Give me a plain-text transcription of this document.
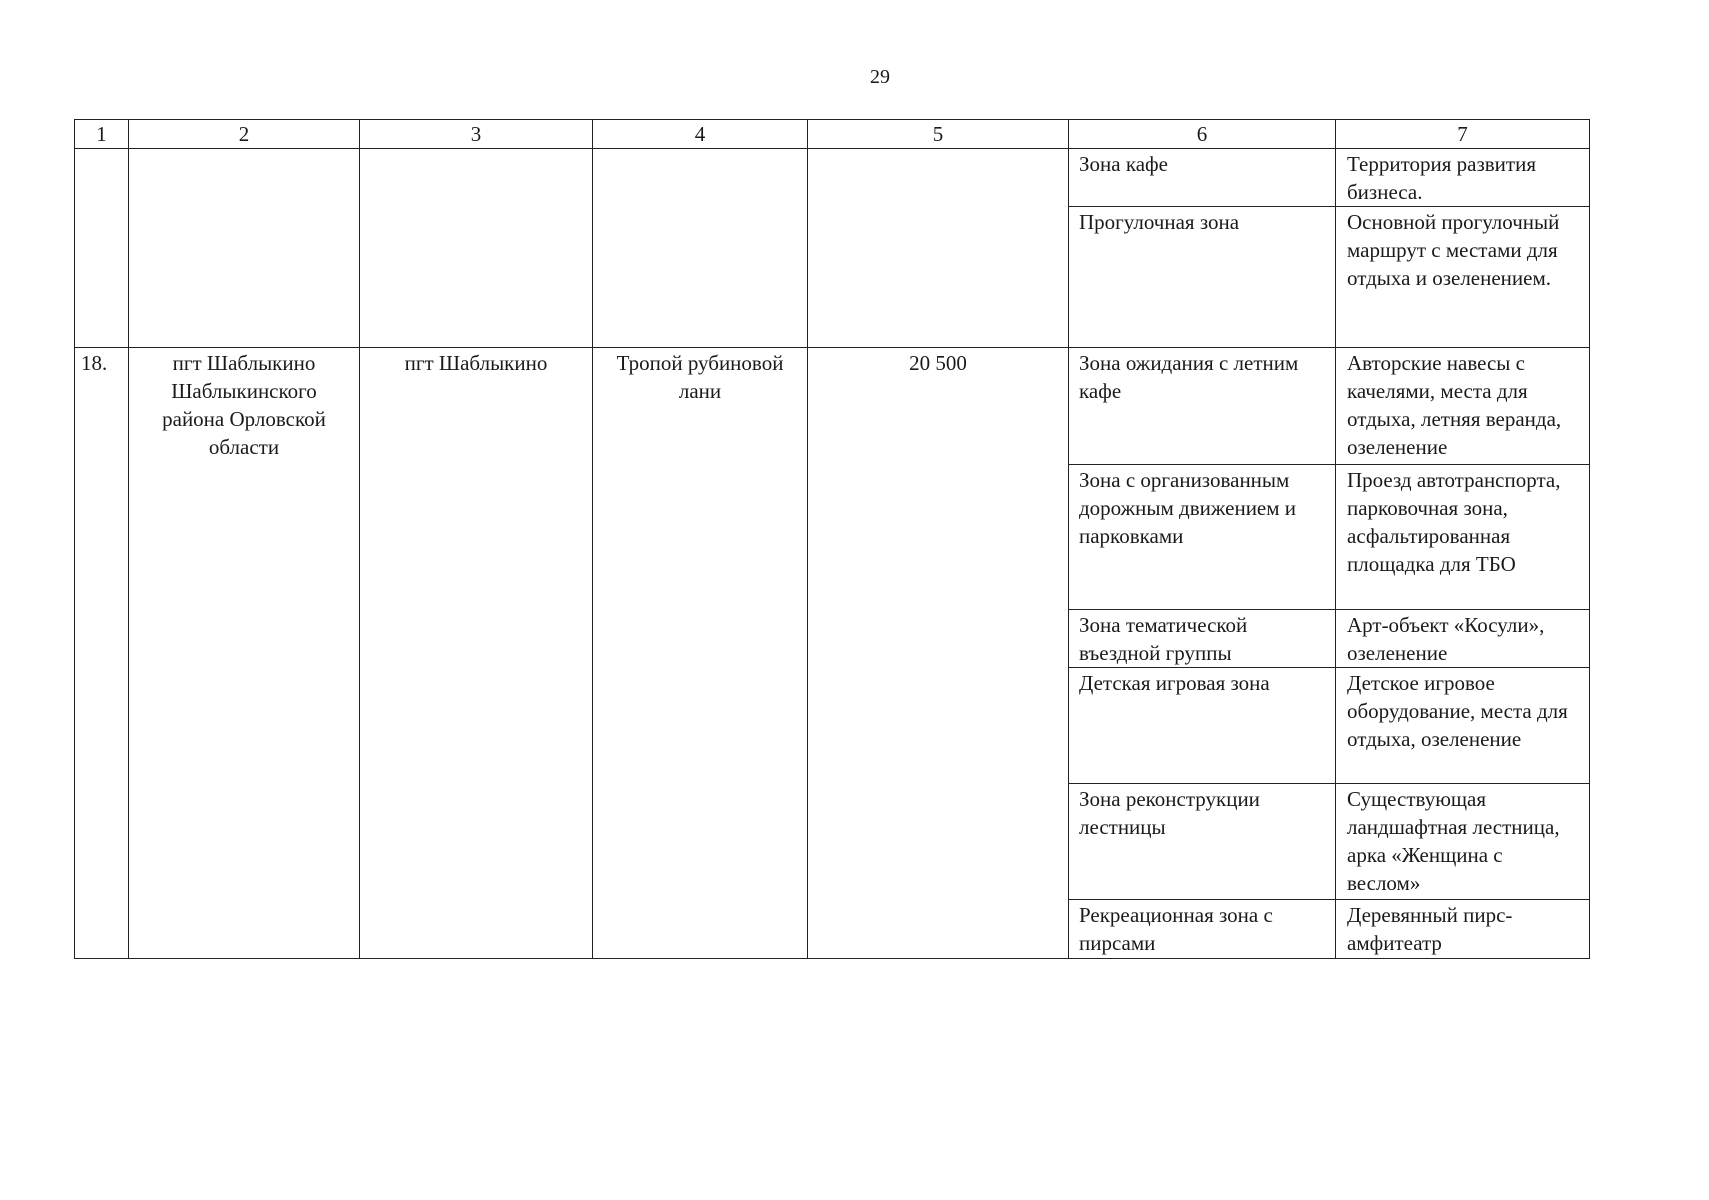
29
1	2	3	4	5	6	7
					Зона кафе	Территория развития бизнеса.
					Прогулочная зона	Основной прогулочный маршрут с местами для отдыха и озеленением.
18.	пгт Шаблыкино Шаблыкинского района Орловской области	пгт Шаблыкино	Тропой рубиновой лани	20 500	Зона ожидания с летним кафе	Авторские навесы с качелями, места для отдыха, летняя веранда, озеленение
					Зона с организованным дорожным движением и парковками	Проезд автотранспорта, парковочная зона, асфальтированная площадка для ТБО
					Зона тематической въездной группы	Арт-объект «Косули», озеленение
					Детская игровая зона	Детское игровое оборудование, места для отдыха, озеленение
					Зона реконструкции лестницы	Существующая ландшафтная лестница, арка «Женщина с веслом»
					Рекреационная зона с пирсами	Деревянный пирс-амфитеатр
